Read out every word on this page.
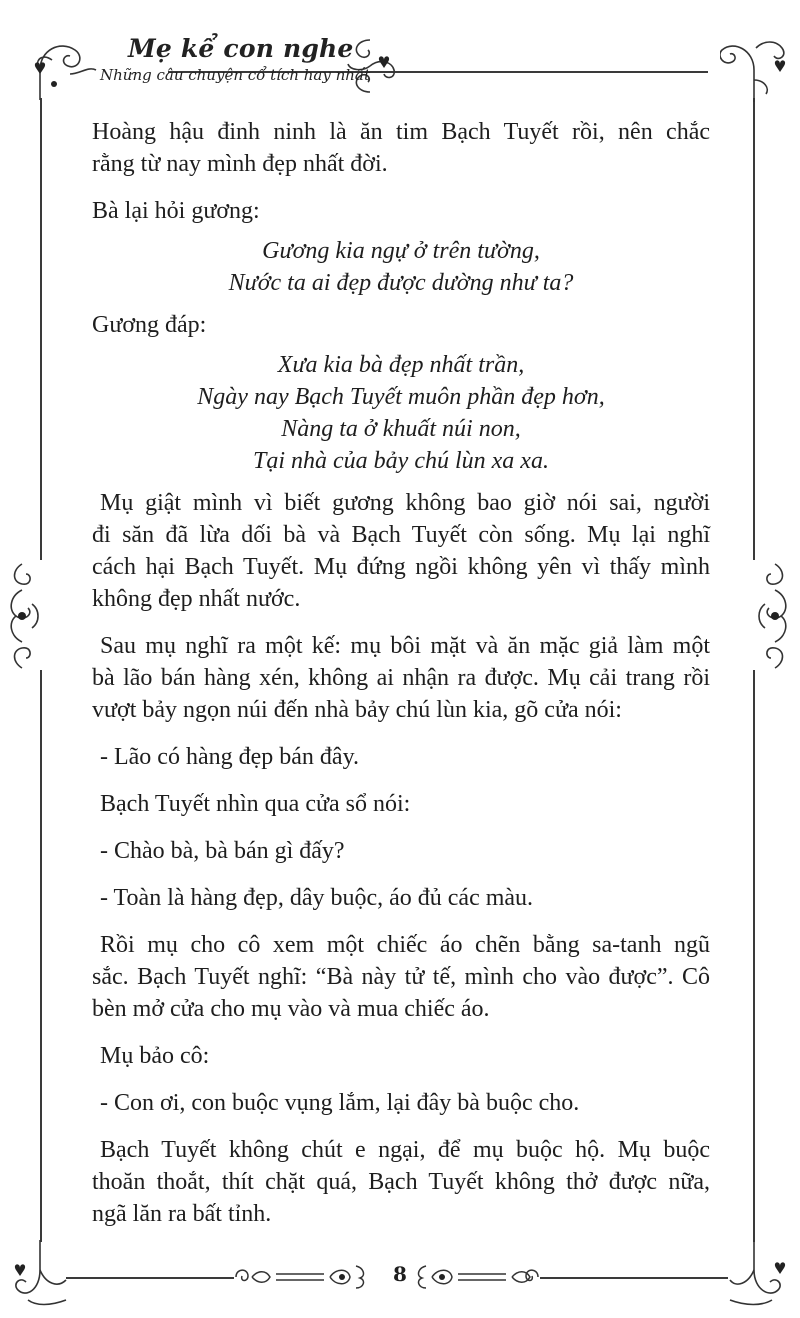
Mẹ kể con nghe
Những câu chuyện cổ tích hay nhất
Hoàng hậu đinh ninh là ăn tim Bạch Tuyết rồi, nên chắc
rằng từ nay mình đẹp nhất đời.
Bà lại hỏi gương:
Gương kia ngự ở trên tường,
Nước ta ai đẹp được dường như ta?
Gương đáp:
Xưa kia bà đẹp nhất trần,
Ngày nay Bạch Tuyết muôn phần đẹp hơn,
Nàng ta ở khuất núi non,
Tại nhà của bảy chú lùn xa xa.
Mụ giật mình vì biết gương không bao giờ nói sai, người
đi săn đã lừa dối bà và Bạch Tuyết còn sống. Mụ lại nghĩ
cách hại Bạch Tuyết. Mụ đứng ngồi không yên vì thấy mình
không đẹp nhất nước.
Sau mụ nghĩ ra một kế: mụ bôi mặt và ăn mặc giả làm một
bà lão bán hàng xén, không ai nhận ra được. Mụ cải trang rồi
vượt bảy ngọn núi đến nhà bảy chú lùn kia, gõ cửa nói:
- Lão có hàng đẹp bán đây.
Bạch Tuyết nhìn qua cửa sổ nói:
- Chào bà, bà bán gì đấy?
- Toàn là hàng đẹp, dây buộc, áo đủ các màu.
Rồi mụ cho cô xem một chiếc áo chẽn bằng sa-tanh ngũ
sắc. Bạch Tuyết nghĩ: “Bà này tử tế, mình cho vào được”. Cô
bèn mở cửa cho mụ vào và mua chiếc áo.
Mụ bảo cô:
- Con ơi, con buộc vụng lắm, lại đây bà buộc cho.
Bạch Tuyết không chút e ngại, để mụ buộc hộ. Mụ buộc
thoăn thoắt, thít chặt quá, Bạch Tuyết không thở được nữa,
ngã lăn ra bất tỉnh.
8
